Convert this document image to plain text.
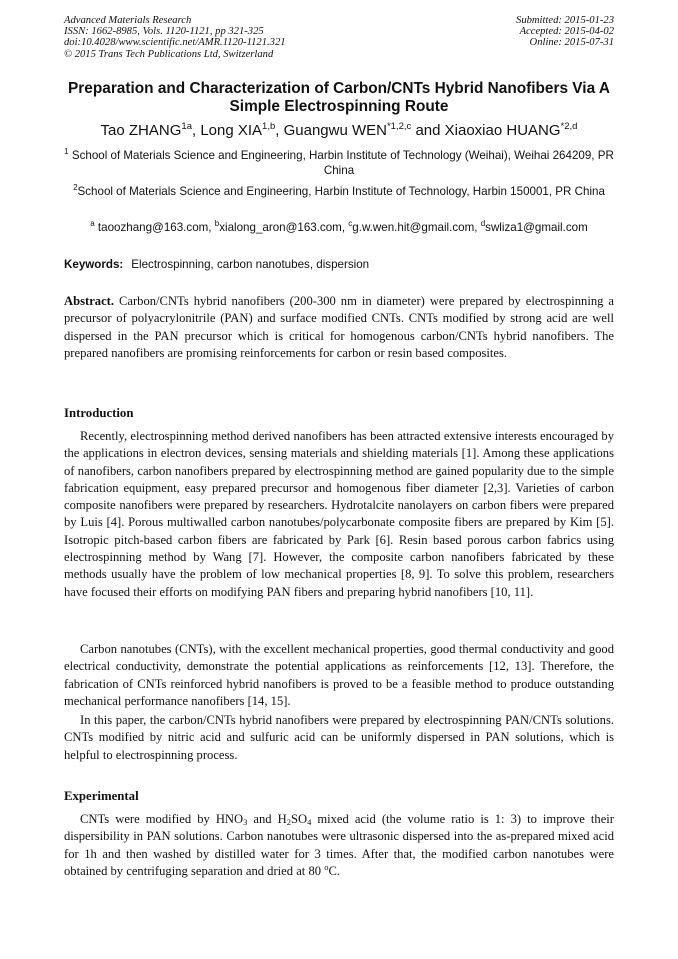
Advanced Materials Research
ISSN: 1662-8985, Vols. 1120-1121, pp 321-325
doi:10.4028/www.scientific.net/AMR.1120-1121.321
© 2015 Trans Tech Publications Ltd, Switzerland
Submitted: 2015-01-23
Accepted: 2015-04-02
Online: 2015-07-31
Preparation and Characterization of Carbon/CNTs Hybrid Nanofibers Via A Simple Electrospinning Route
Tao $ZHANG^{1a}$, Long XIA$^{1,b}$, Guangwu WEN$^{*1,2,c}$ and Xiaoxiao HUANG$^{*2,d}$
$^1$ School of Materials Science and Engineering, Harbin Institute of Technology (Weihai), Weihai 264209, PR China
$^2$School of Materials Science and Engineering, Harbin Institute of Technology, Harbin 150001, PR China
$^a$ taoozhang@163.com, $^b$xialong_aron@163.com, $^c$g.w.wen.hit@gmail.com, $^d$swliza1@gmail.com
Keywords: Electrospinning, carbon nanotubes, dispersion
Abstract. Carbon/CNTs hybrid nanofibers (200-300 nm in diameter) were prepared by electrospinning a precursor of polyacrylonitrile (PAN) and surface modified CNTs. CNTs modified by strong acid are well dispersed in the PAN precursor which is critical for homogenous carbon/CNTs hybrid nanofibers. The prepared nanofibers are promising reinforcements for carbon or resin based composites.
Introduction
Recently, electrospinning method derived nanofibers has been attracted extensive interests encouraged by the applications in electron devices, sensing materials and shielding materials [1]. Among these applications of nanofibers, carbon nanofibers prepared by electrospinning method are gained popularity due to the simple fabrication equipment, easy prepared precursor and homogenous fiber diameter [2,3]. Varieties of carbon composite nanofibers were prepared by researchers. Hydrotalcite nanolayers on carbon fibers were prepared by Luis [4]. Porous multiwalled carbon nanotubes/polycarbonate composite fibers are prepared by Kim [5]. Isotropic pitch-based carbon fibers are fabricated by Park [6]. Resin based porous carbon fabrics using electrospinning method by Wang [7]. However, the composite carbon nanofibers fabricated by these methods usually have the problem of low mechanical properties [8, 9]. To solve this problem, researchers have focused their efforts on modifying PAN fibers and preparing hybrid nanofibers [10, 11].
Carbon nanotubes (CNTs), with the excellent mechanical properties, good thermal conductivity and good electrical conductivity, demonstrate the potential applications as reinforcements [12, 13]. Therefore, the fabrication of CNTs reinforced hybrid nanofibers is proved to be a feasible method to produce outstanding mechanical performance nanofibers [14, 15].
In this paper, the carbon/CNTs hybrid nanofibers were prepared by electrospinning PAN/CNTs solutions. CNTs modified by nitric acid and sulfuric acid can be uniformly dispersed in PAN solutions, which is helpful to electrospinning process.
Experimental
CNTs were modified by $HNO_3$ and $H_2SO_4$ mixed acid (the volume ratio is 1: 3) to improve their dispersibility in PAN solutions. Carbon nanotubes were ultrasonic dispersed into the as-prepared mixed acid for 1h and then washed by distilled water for 3 times. After that, the modified carbon nanotubes were obtained by centrifuging separation and dried at 80 $^o$C.
